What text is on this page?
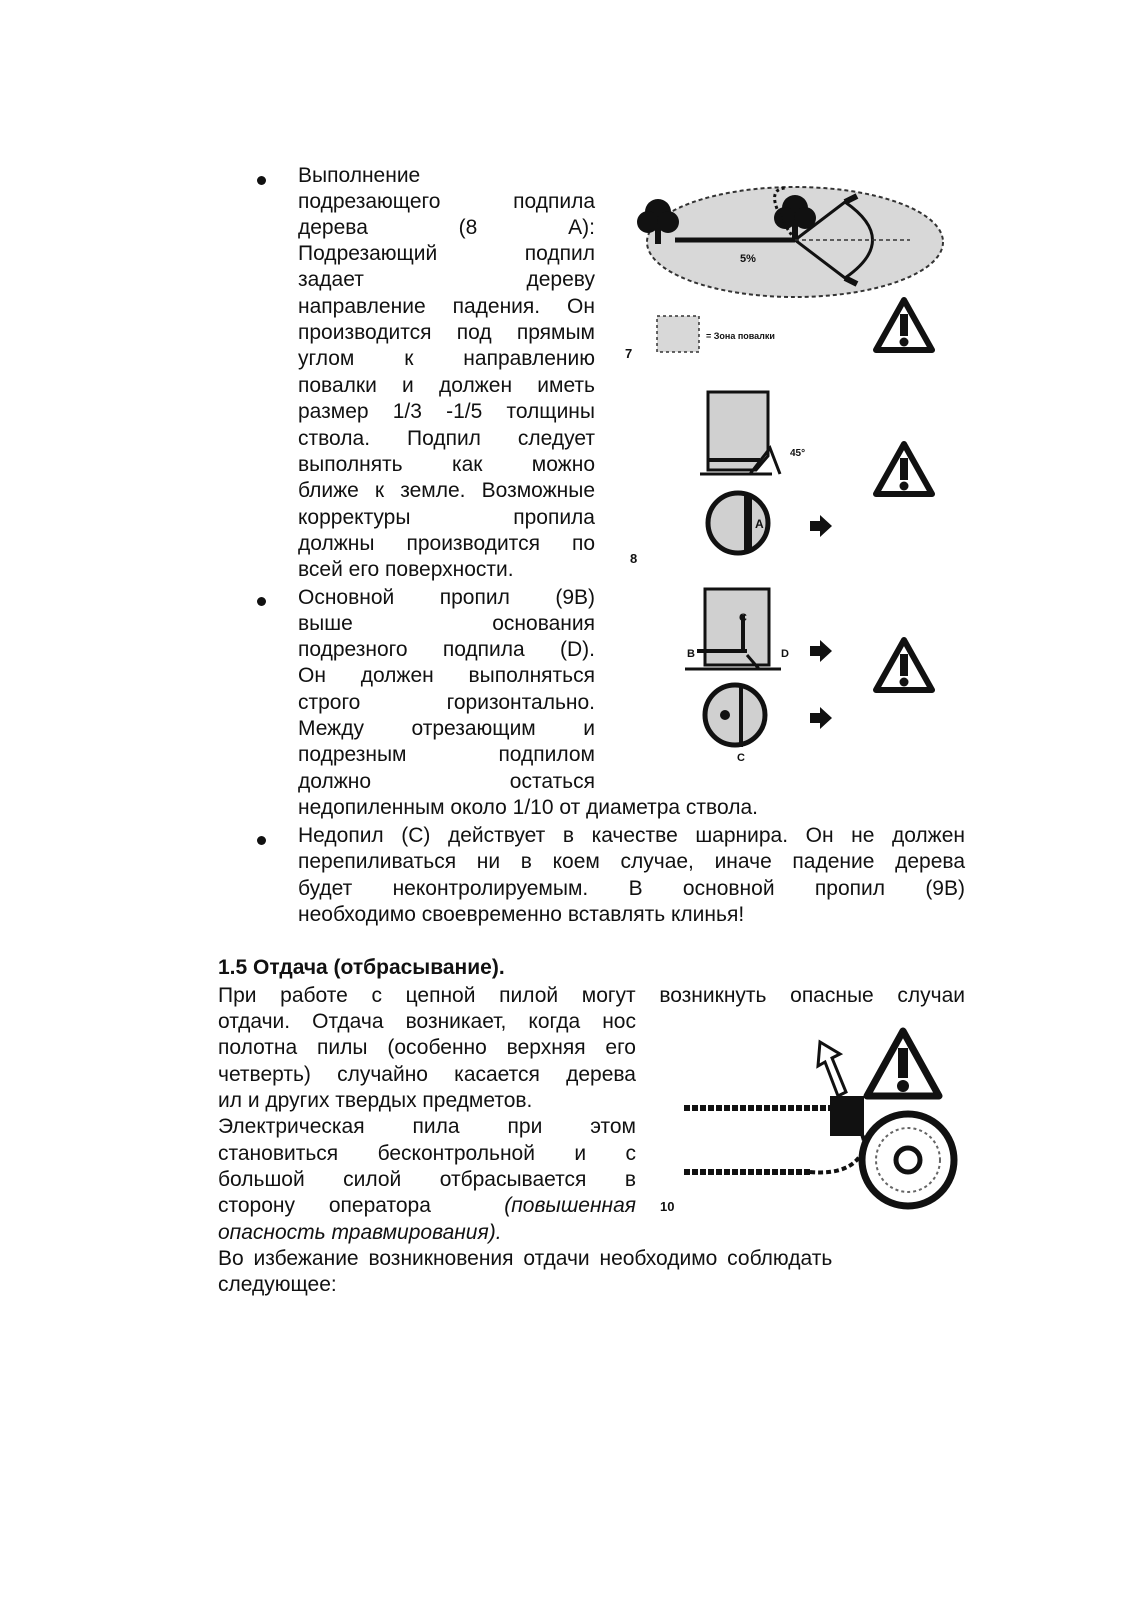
Выполнение
подрезающего подпила
дерева (8 А):
Подрезающий подпил
задает дереву
направление падения. Он
производится под прямым
углом к направлению
повалки и должен иметь
размер 1/3 -1/5 толщины
ствола. Подпил следует
выполнять как можно
ближе к земле. Возможные
корректуры пропила
должны производится по
всей его поверхности.
Основной пропил (9В)
выше основания
подрезного подпила (D).
Он должен выполняться
строго горизонтально.
Между отрезающим и
подрезным подпилом
должно остаться
недопиленным около 1/10 от диаметра ствола.
Недопил (С) действует в качестве шарнира. Он не должен
перепиливаться ни в коем случае, иначе падение дерева
будет неконтролируемым. В основной пропил (9В)
необходимо своевременно вставлять клинья!
1.5 Отдача (отбрасывание).
При работе с цепной пилой могут возникнуть опасные случаи
отдачи. Отдача возникает, когда нос
полотна пилы (особенно верхняя его
четверть) случайно касается дерева
ил и других твердых предметов.
Электрическая пила при этом
становиться бесконтрольной и с
большой силой отбрасывается в
сторону оператора	(повышенная
опасность травмирования).
Во избежание возникновения отдачи необходимо соблюдать
следующее:
7
8
10
5%
= Зона повалки
45°
A
B
C
D
C
